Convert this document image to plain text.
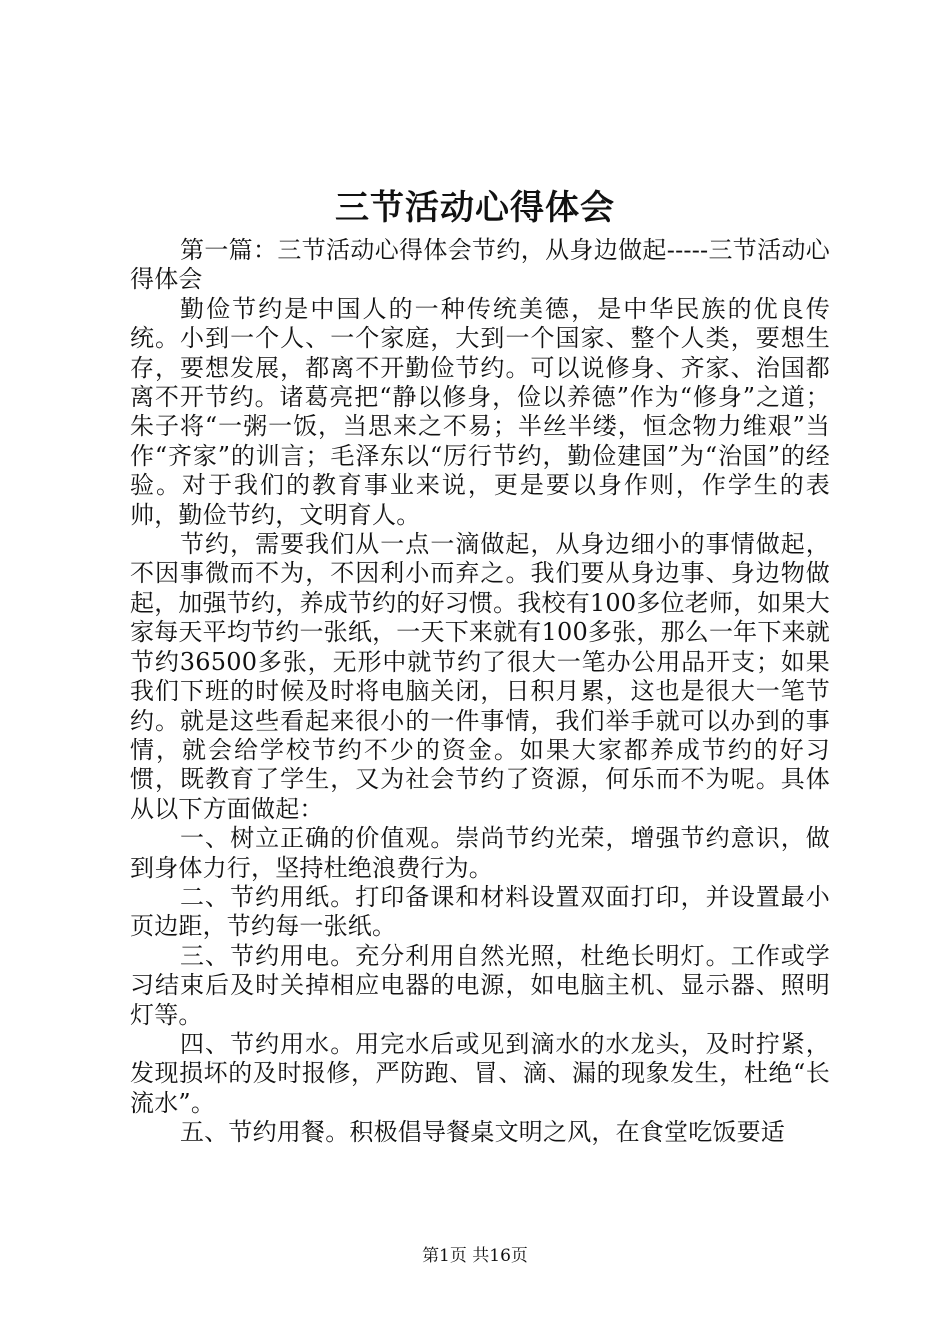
三节活动心得体会

第一篇：三节活动心得体会节约，从身边做起-----三节活动心得体会

勤俭节约是中国人的一种传统美德，是中华民族的优良传统。小到一个人、一个家庭，大到一个国家、整个人类，要想生存，要想发展，都离不开勤俭节约。可以说修身、齐家、治国都离不开节约。诸葛亮把“静以修身，俭以养德”作为“修身”之道；朱子将“一粥一饭，当思来之不易；半丝半缕，恒念物力维艰”当作“齐家”的训言；毛泽东以“厉行节约，勤俭建国”为“治国”的经验。对于我们的教育事业来说，更是要以身作则，作学生的表帅，勤俭节约，文明育人。

节约，需要我们从一点一滴做起，从身边细小的事情做起，不因事微而不为，不因利小而弃之。我们要从身边事、身边物做起，加强节约，养成节约的好习惯。我校有100多位老师，如果大家每天平均节约一张纸，一天下来就有100多张，那么一年下来就节约36500多张，无形中就节约了很大一笔办公用品开支；如果我们下班的时候及时将电脑关闭，日积月累，这也是很大一笔节约。就是这些看起来很小的一件事情，我们举手就可以办到的事情，就会给学校节约不少的资金。如果大家都养成节约的好习惯，既教育了学生，又为社会节约了资源，何乐而不为呢。具体从以下方面做起：

一、树立正确的价值观。崇尚节约光荣，增强节约意识，做到身体力行，坚持杜绝浪费行为。

二、节约用纸。打印备课和材料设置双面打印，并设置最小页边距，节约每一张纸。

三、节约用电。充分利用自然光照，杜绝长明灯。工作或学习结束后及时关掉相应电器的电源，如电脑主机、显示器、照明灯等。

四、节约用水。用完水后或见到滴水的水龙头，及时拧紧，发现损坏的及时报修，严防跑、冒、滴、漏的现象发生，杜绝“长流水”。

五、节约用餐。积极倡导餐桌文明之风，在食堂吃饭要适

第1页 共16页
